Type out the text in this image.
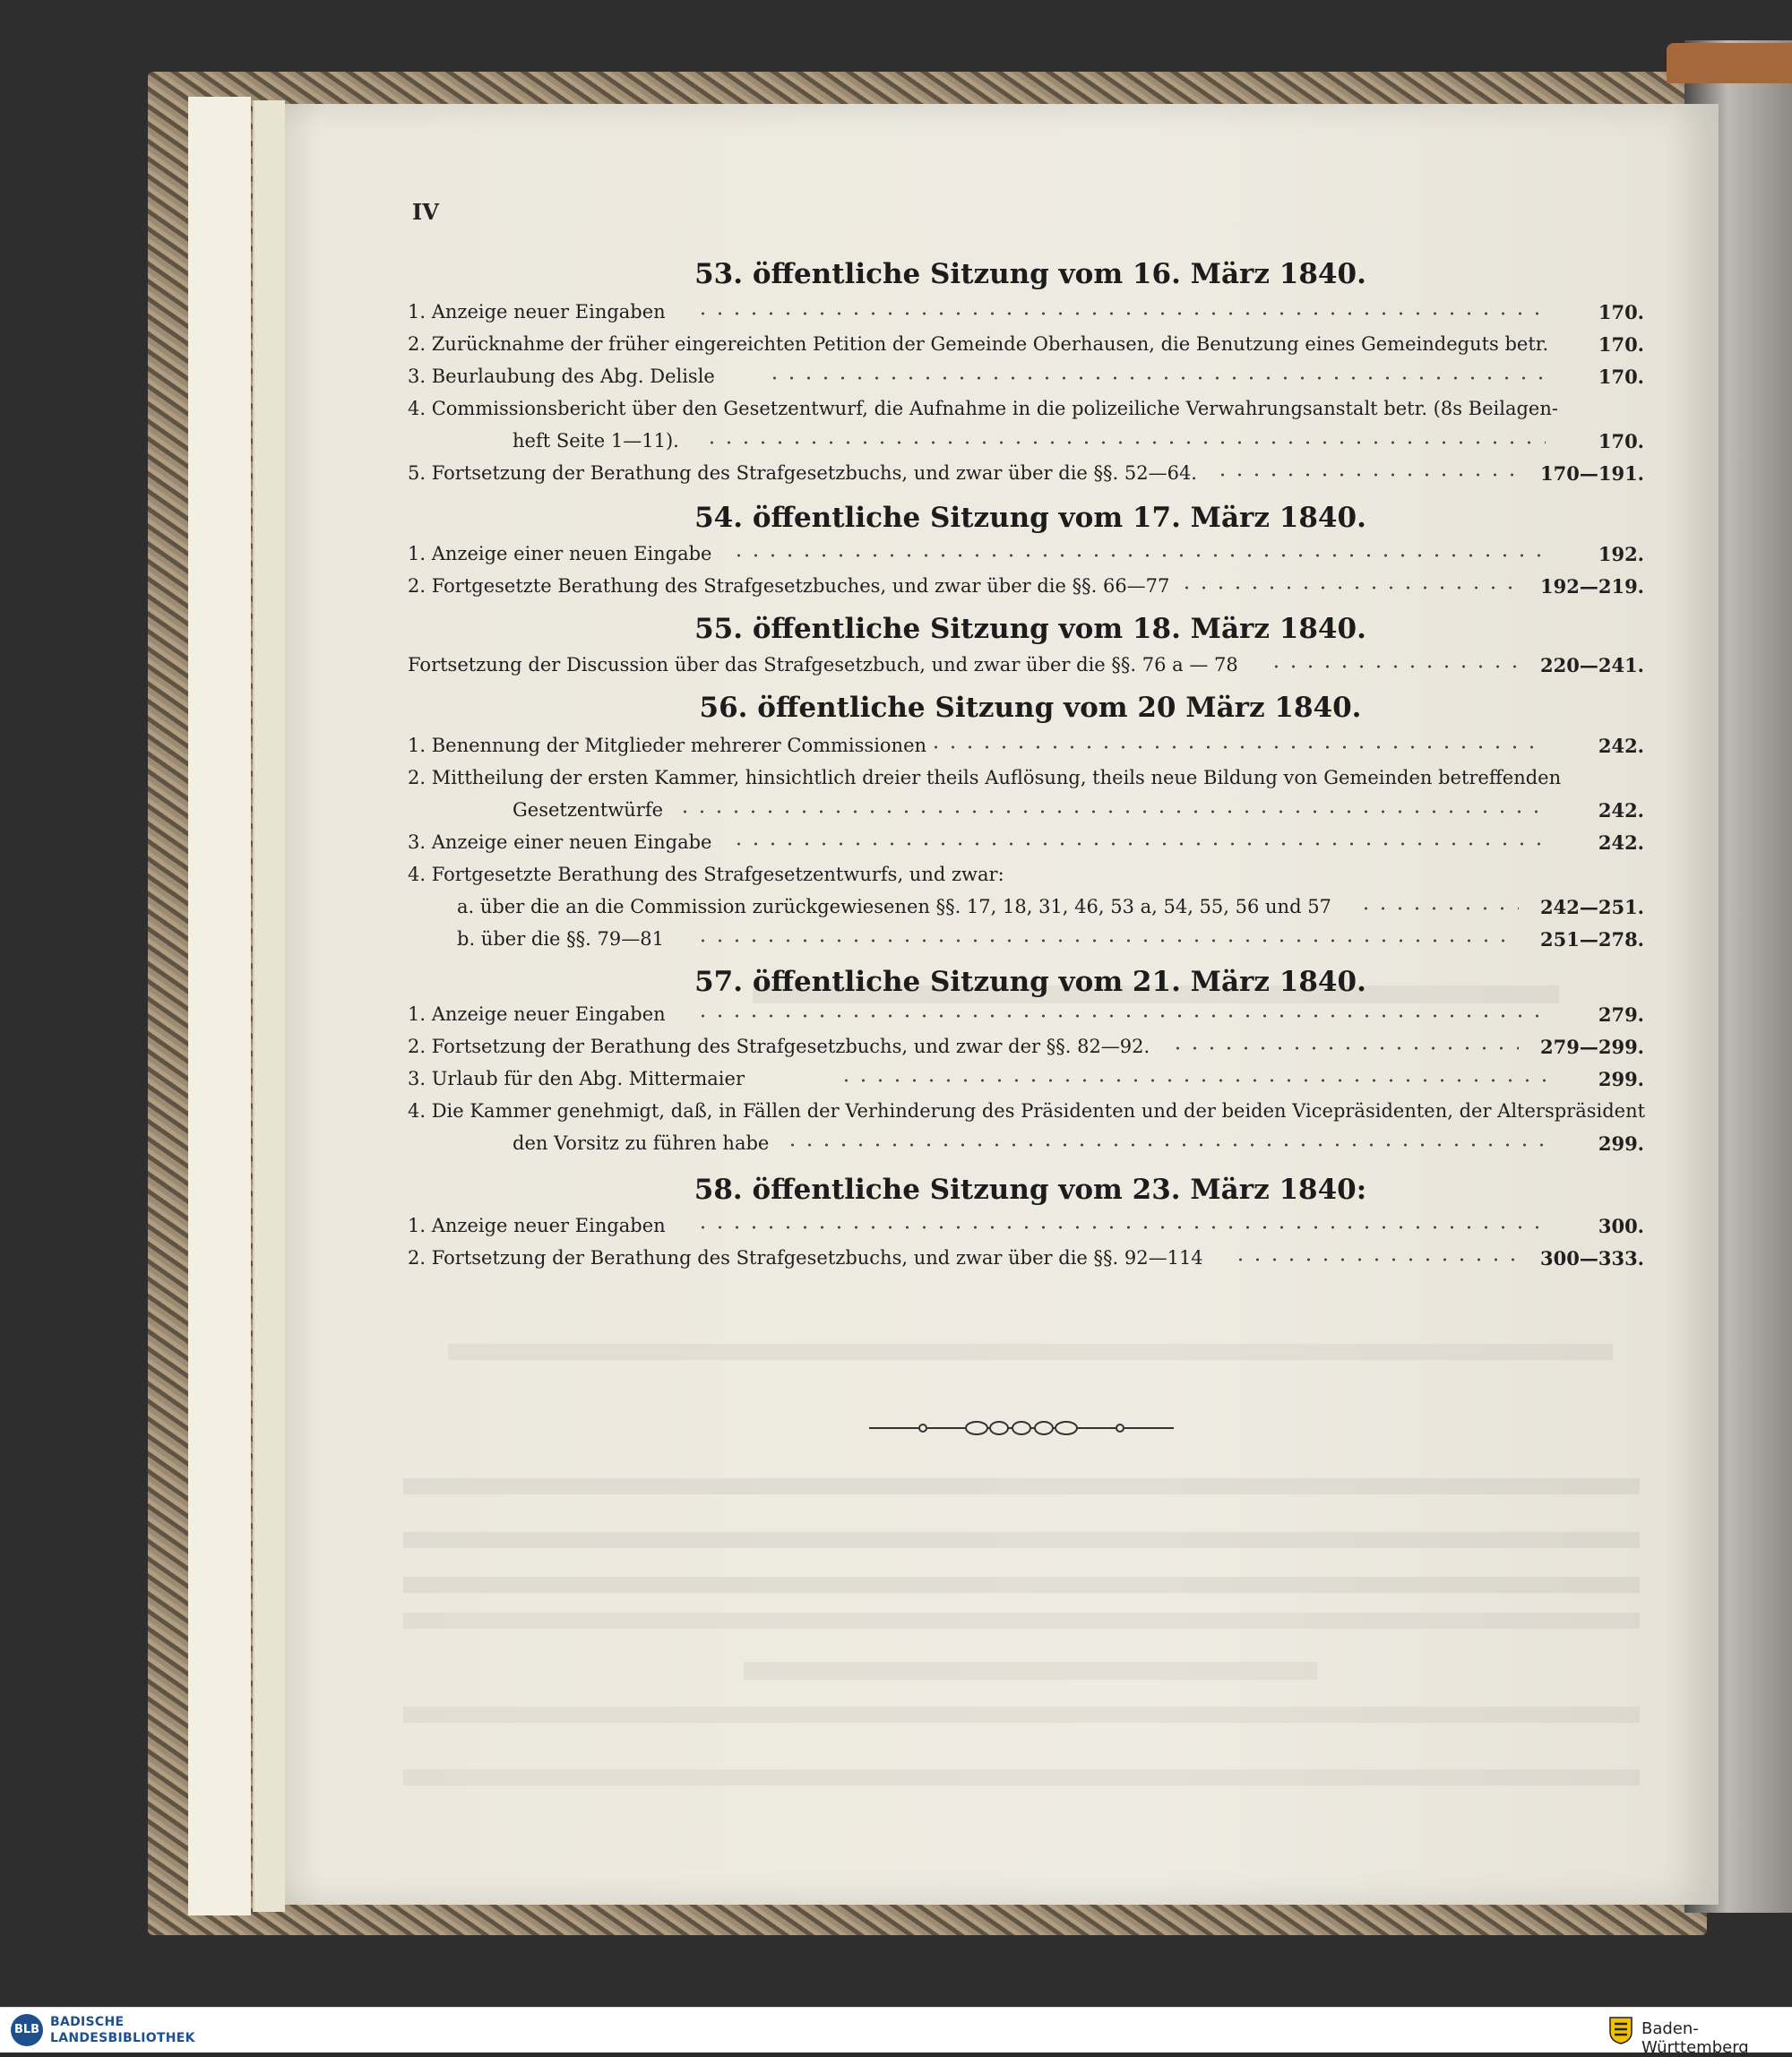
IV
53. öffentliche Sitzung vom 16. März 1840.
1. Anzeige neuer Eingaben	170.
2. Zurücknahme der früher eingereichten Petition der Gemeinde Oberhausen, die Benutzung eines Gemeindeguts betr.	170.
3. Beurlaubung des Abg. Delisle	170.
4. Commissionsbericht über den Gesetzentwurf, die Aufnahme in die polizeiliche Verwahrungsanstalt betr. (8s Beilagen-
heft Seite 1—11).	170.
5. Fortsetzung der Berathung des Strafgesetzbuchs, und zwar über die §§. 52—64.	170—191.
54. öffentliche Sitzung vom 17. März 1840.
1. Anzeige einer neuen Eingabe	192.
2. Fortgesetzte Berathung des Strafgesetzbuches, und zwar über die §§. 66—77	192—219.
55. öffentliche Sitzung vom 18. März 1840.
Fortsetzung der Discussion über das Strafgesetzbuch, und zwar über die §§. 76 a — 78	220—241.
56. öffentliche Sitzung vom 20 März 1840.
1. Benennung der Mitglieder mehrerer Commissionen	242.
2. Mittheilung der ersten Kammer, hinsichtlich dreier theils Auflösung, theils neue Bildung von Gemeinden betreffenden
Gesetzentwürfe	242.
3. Anzeige einer neuen Eingabe	242.
4. Fortgesetzte Berathung des Strafgesetzentwurfs, und zwar:
a. über die an die Commission zurückgewiesenen §§. 17, 18, 31, 46, 53 a, 54, 55, 56 und 57	242—251.
b. über die §§. 79—81	251—278.
57. öffentliche Sitzung vom 21. März 1840.
1. Anzeige neuer Eingaben	279.
2. Fortsetzung der Berathung des Strafgesetzbuchs, und zwar der §§. 82—92.	279—299.
3. Urlaub für den Abg. Mittermaier	299.
4. Die Kammer genehmigt, daß, in Fällen der Verhinderung des Präsidenten und der beiden Vicepräsidenten, der Alterspräsident
den Vorsitz zu führen habe	299.
58. öffentliche Sitzung vom 23. März 1840:
1. Anzeige neuer Eingaben	300.
2. Fortsetzung der Berathung des Strafgesetzbuchs, und zwar über die §§. 92—114	300—333.
BLB
BADISCHE
LANDESBIBLIOTHEK	Baden-Württemberg
